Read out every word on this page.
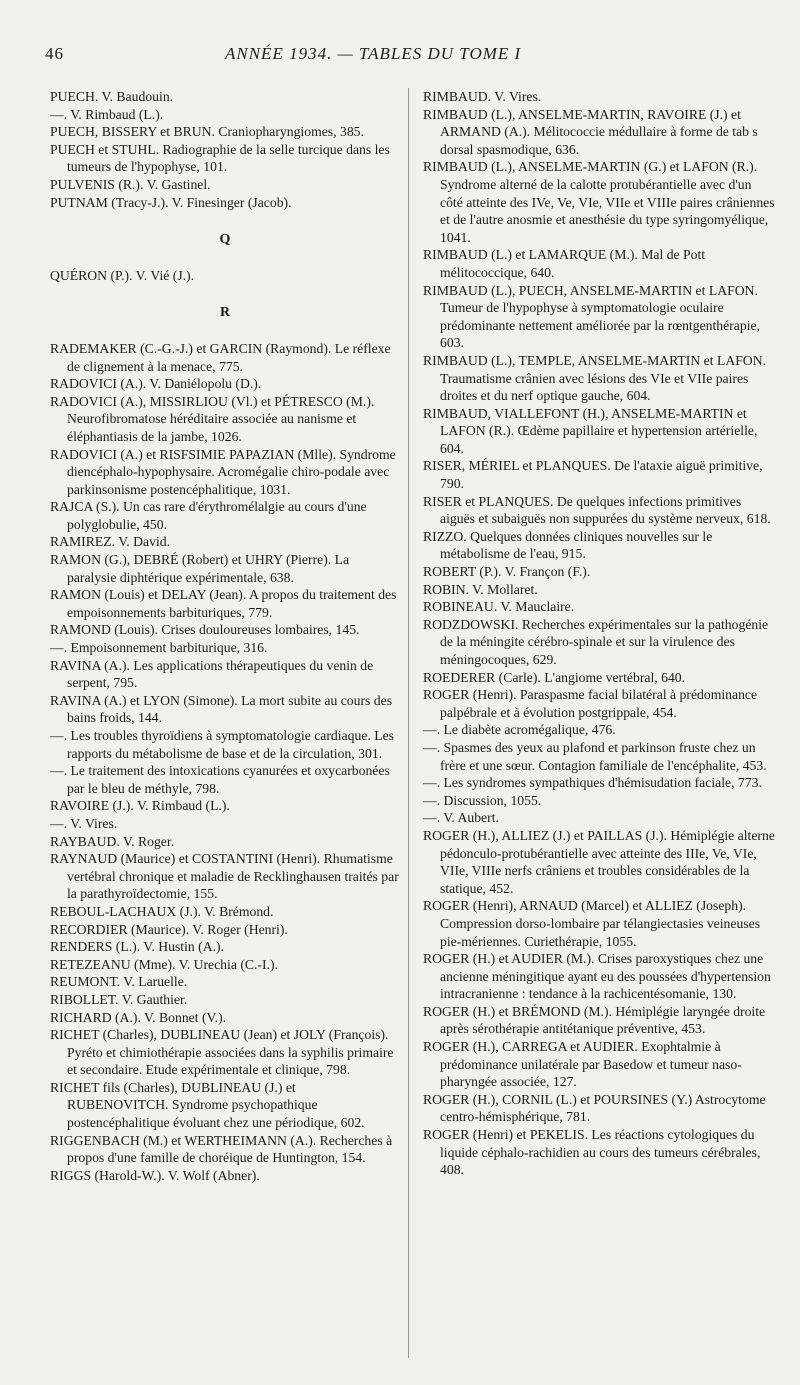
46	ANNÉE 1934. — TABLES DU TOME I
PUECH. V. Baudouin.
—. V. Rimbaud (L.).
PUECH, BISSERY et BRUN. Craniopharyngiomes, 385.
PUECH et STUHL. Radiographie de la selle turcique dans les tumeurs de l'hypophyse, 101.
PULVENIS (R.). V. Gastinel.
PUTNAM (Tracy-J.). V. Finesinger (Jacob).
Q
QUÉRON (P.). V. Vié (J.).
R
RADEMAKER (C.-G.-J.) et GARCIN (Raymond). Le réflexe de clignement à la menace, 775.
RADOVICI (A.). V. Daniélopolu (D.).
RADOVICI (A.), MISSIRLIOU (Vl.) et PÉTRESCO (M.). Neurofibromatose héréditaire associée au nanisme et éléphantiasis de la jambe, 1026.
RADOVICI (A.) et RISFSIMIE PAPAZIAN (Mlle). Syndrome diencéphalo-hypophysaire. Acromégalie chiro-podale avec parkinsonisme postencéphalitique, 1031.
RAJCA (S.). Un cas rare d'érythromélalgie au cours d'une polyglobulie, 450.
RAMIREZ. V. David.
RAMON (G.), DEBRÉ (Robert) et UHRY (Pierre). La paralysie diphtérique expérimentale, 638.
RAMON (Louis) et DELAY (Jean). A propos du traitement des empoisonnements barbituriques, 779.
RAMOND (Louis). Crises douloureuses lombaires, 145.
—. Empoisonnement barbiturique, 316.
RAVINA (A.). Les applications thérapeutiques du venin de serpent, 795.
RAVINA (A.) et LYON (Simone). La mort subite au cours des bains froids, 144.
—. Les troubles thyroïdiens à symptomatologie cardiaque. Les rapports du métabolisme de base et de la circulation, 301.
—. Le traitement des intoxications cyanurées et oxycarbonées par le bleu de méthyle, 798.
RAVOIRE (J.). V. Rimbaud (L.).
—. V. Vires.
RAYBAUD. V. Roger.
RAYNAUD (Maurice) et COSTANTINI (Henri). Rhumatisme vertébral chronique et maladie de Recklinghausen traités par la parathyroïdectomie, 155.
REBOUL-LACHAUX (J.). V. Brémond.
RECORDIER (Maurice). V. Roger (Henri).
RENDERS (L.). V. Hustin (A.).
RETEZEANU (Mme). V. Urechia (C.-I.).
REUMONT. V. Laruelle.
RIBOLLET. V. Gauthier.
RICHARD (A.). V. Bonnet (V.).
RICHET (Charles), DUBLINEAU (Jean) et JOLY (François). Pyréto et chimiothérapie associées dans la syphilis primaire et secondaire. Etude expérimentale et clinique, 798.
RICHET fils (Charles), DUBLINEAU (J.) et RUBENOVITCH. Syndrome psychopathique postencéphalitique évoluant chez une périodique, 602.
RIGGENBACH (M.) et WERTHEIMANN (A.). Recherches à propos d'une famille de choréique de Huntington, 154.
RIGGS (Harold-W.). V. Wolf (Abner).
RIMBAUD. V. Vires.
RIMBAUD (L.), ANSELME-MARTIN, RAVOIRE (J.) et ARMAND (A.). Mélitococcie médullaire à forme de tab s dorsal spasmodique, 636.
RIMBAUD (L.), ANSELME-MARTIN (G.) et LAFON (R.). Syndrome alterné de la calotte protubérantielle avec d'un côté atteinte des IVe, Ve, VIe, VIIe et VIIIe paires crâniennes et de l'autre anosmie et anesthésie du type syringomyélique, 1041.
RIMBAUD (L.) et LAMARQUE (M.). Mal de Pott mélitococcique, 640.
RIMBAUD (L.), PUECH, ANSELME-MARTIN et LAFON. Tumeur de l'hypophyse à symptomatologie oculaire prédominante nettement améliorée par la rœntgenthérapie, 603.
RIMBAUD (L.), TEMPLE, ANSELME-MARTIN et LAFON. Traumatisme crânien avec lésions des VIe et VIIe paires droites et du nerf optique gauche, 604.
RIMBAUD, VIALLEFONT (H.), ANSELME-MARTIN et LAFON (R.). Œdème papillaire et hypertension artérielle, 604.
RISER, MÉRIEL et PLANQUES. De l'ataxie aiguë primitive, 790.
RISER et PLANQUES. De quelques infections primitives aiguës et subaiguës non suppurées du système nerveux, 618.
RIZZO. Quelques données cliniques nouvelles sur le métabolisme de l'eau, 915.
ROBERT (P.). V. Françon (F.).
ROBIN. V. Mollaret.
ROBINEAU. V. Mauclaire.
RODZDOWSKI. Recherches expérimentales sur la pathogénie de la méningite cérébro-spinale et sur la virulence des méningocoques, 629.
ROEDERER (Carle). L'angiome vertébral, 640.
ROGER (Henri). Paraspasme facial bilatéral à prédominance palpébrale et à évolution postgrippale, 454.
—. Le diabète acromégalique, 476.
—. Spasmes des yeux au plafond et parkinson fruste chez un frère et une sœur. Contagion familiale de l'encéphalite, 453.
—. Les syndromes sympathiques d'hémisudation faciale, 773.
—. Discussion, 1055.
—. V. Aubert.
ROGER (H.), ALLIEZ (J.) et PAILLAS (J.). Hémiplégie alterne pédonculo-protubérantielle avec atteinte des IIIe, Ve, VIe, VIIe, VIIIe nerfs crâniens et troubles considérables de la statique, 452.
ROGER (Henri), ARNAUD (Marcel) et ALLIEZ (Joseph). Compression dorso-lombaire par télangiectasies veineuses pie-mériennes. Curiethérapie, 1055.
ROGER (H.) et AUDIER (M.). Crises paroxystiques chez une ancienne méningitique ayant eu des poussées d'hypertension intracranienne : tendance à la rachicentésomanie, 130.
ROGER (H.) et BRÉMOND (M.). Hémiplégie laryngée droite après sérothérapie antitétanique préventive, 453.
ROGER (H.), CARREGA et AUDIER. Exophtalmie à prédominance unilatérale par Basedow et tumeur naso-pharyngée associée, 127.
ROGER (H.), CORNIL (L.) et POURSINES (Y.) Astrocytome centro-hémisphérique, 781.
ROGER (Henri) et PEKELIS. Les réactions cytologiques du liquide céphalo-rachidien au cours des tumeurs cérébrales, 408.
